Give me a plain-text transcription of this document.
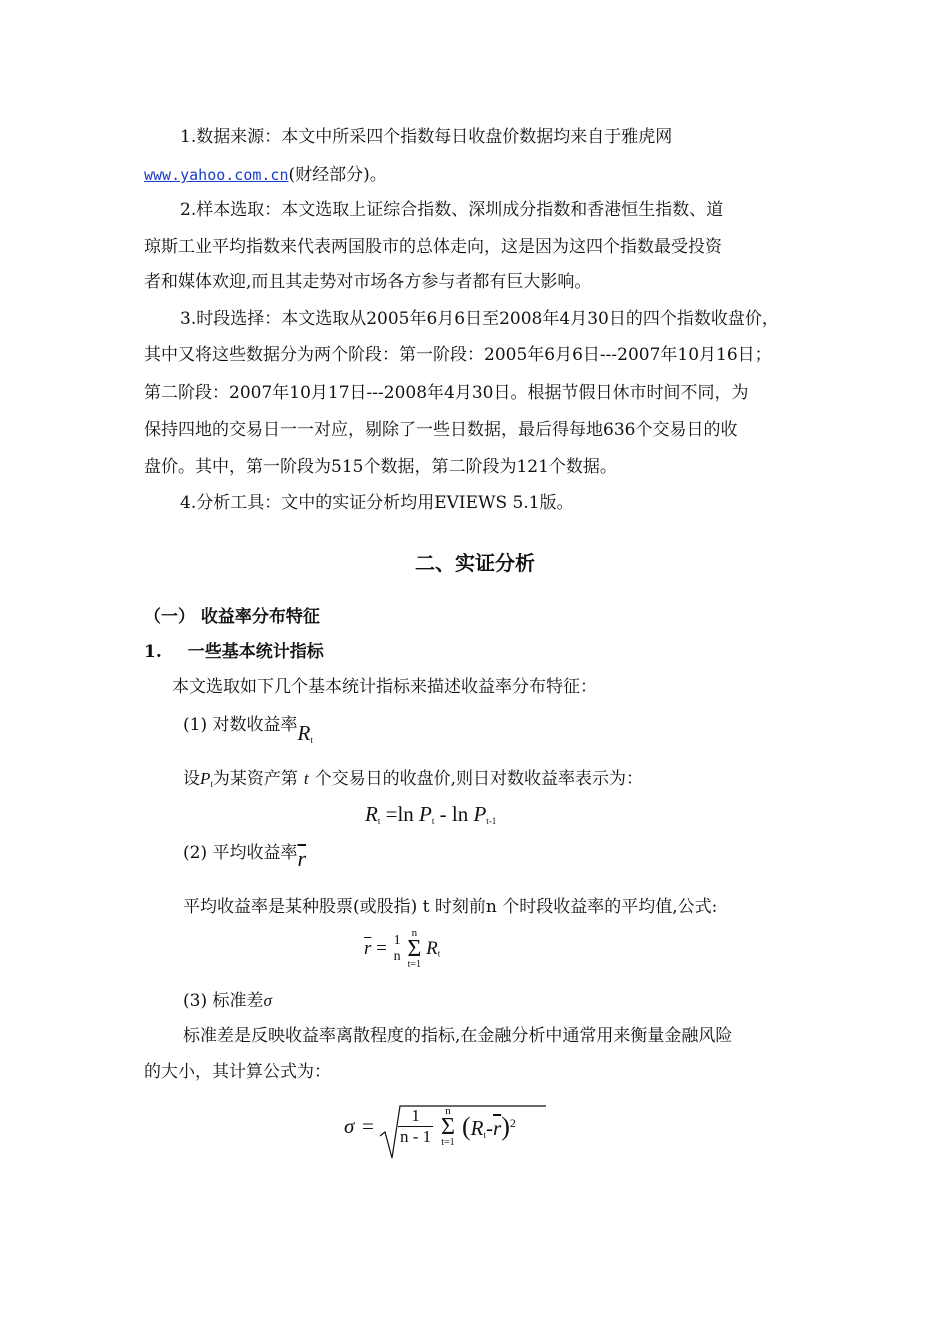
1.数据来源：本文中所采四个指数每日收盘价数据均来自于雅虎网
www.yahoo.com.cn(财经部分)。
2.样本选取：本文选取上证综合指数、深圳成分指数和香港恒生指数、道
琼斯工业平均指数来代表两国股市的总体走向，这是因为这四个指数最受投资
者和媒体欢迎,而且其走势对市场各方参与者都有巨大影响。
3.时段选择：本文选取从2005年6月6日至2008年4月30日的四个指数收盘价，
其中又将这些数据分为两个阶段：第一阶段：2005年6月6日---2007年10月16日；
第二阶段：2007年10月17日---2008年4月30日。根据节假日休市时间不同，为
保持四地的交易日一一对应，剔除了一些日数据，最后得每地636个交易日的收
盘价。其中，第一阶段为515个数据，第二阶段为121个数据。
4.分析工具：文中的实证分析均用EVIEWS 5.1版。
二、实证分析
（一） 收益率分布特征
1. 一些基本统计指标
本文选取如下几个基本统计指标来描述收益率分布特征：
(1) 对数收益率$R_t$
设$P_t$为某资产第 t 个交易日的收盘价,则日对数收益率表示为：
$R_t =\ln$ $P_t$ - $\ln P_{t-1}$
(2) 平均收益率$\overline{r}$
平均收益率是某种股票(或股指) t 时刻前n 个时段收益率的平均值,公式:
$\overline{r} = 1$
n

n
Σ
t=1
$R_t$
(3) 标准差σ
标准差是反映收益率离散程度的指标,在金融分析中通常用来衡量金融风险
的大小，其计算公式为：
$\sigma = \frac{1}{n - 1}$	n
Σ
t=1
$(R_t-\overline{r})^2$
